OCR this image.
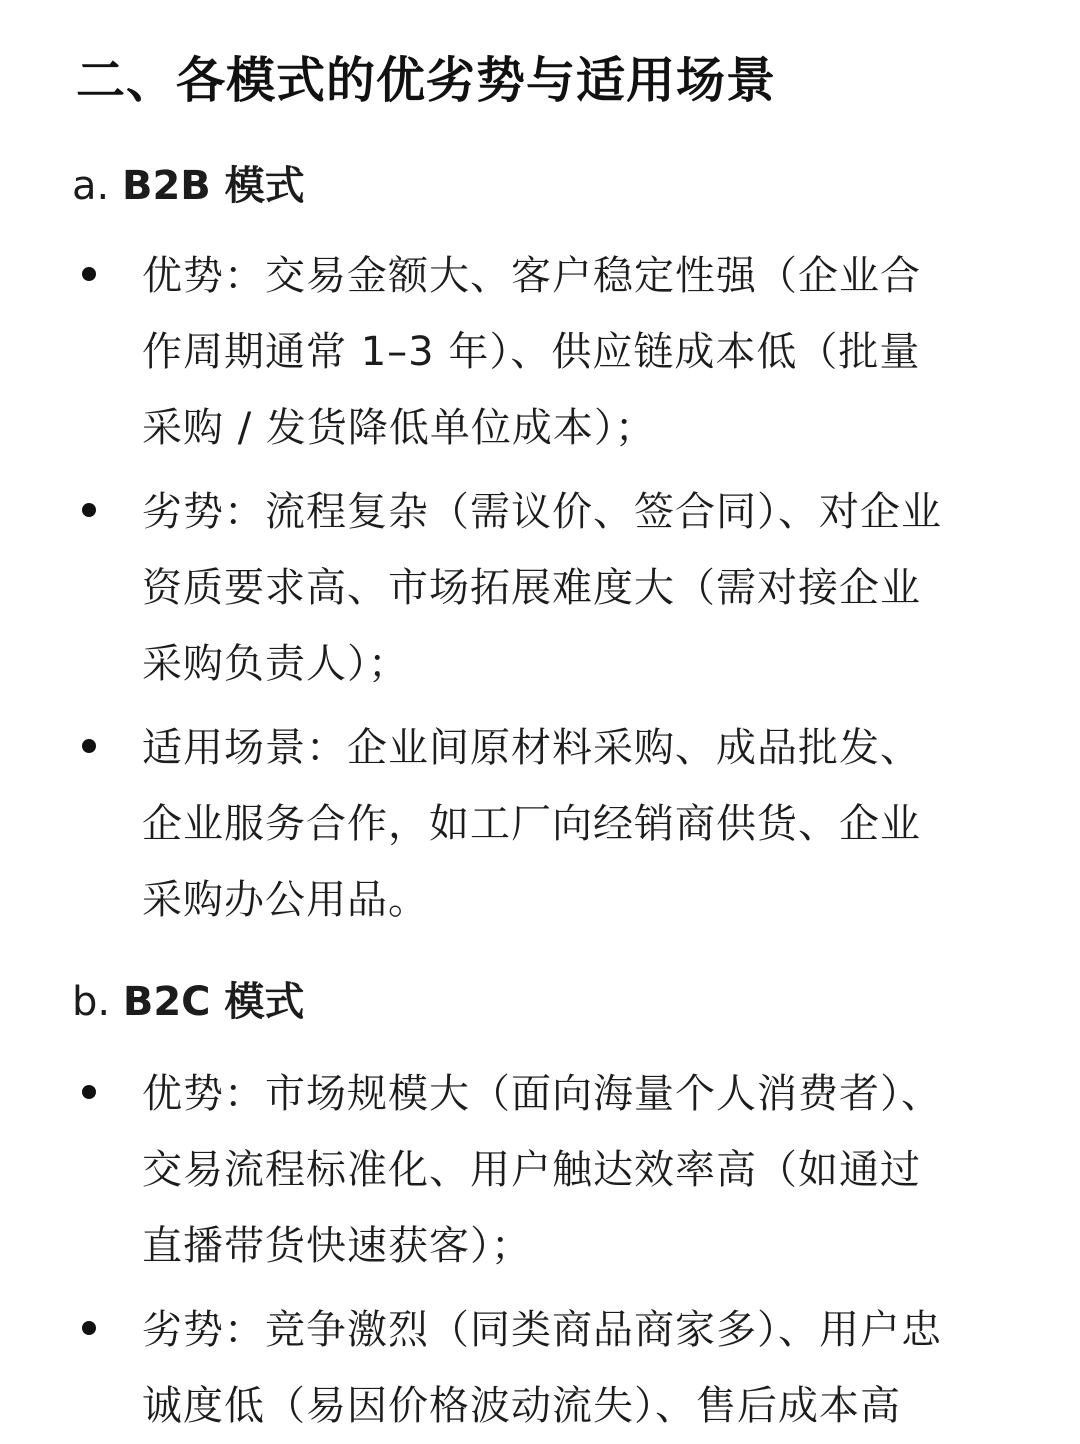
二、各模式的优劣势与适用场景
a. B2B 模式
优势：交易金额大、客户稳定性强（企业合
作周期通常 1–3 年）、供应链成本低（批量
采购 / 发货降低单位成本）；
劣势：流程复杂（需议价、签合同）、对企业
资质要求高、市场拓展难度大（需对接企业
采购负责人）；
适用场景：企业间原材料采购、成品批发、
企业服务合作，如工厂向经销商供货、企业
采购办公用品。
b. B2C 模式
优势：市场规模大（面向海量个人消费者）、
交易流程标准化、用户触达效率高（如通过
直播带货快速获客）；
劣势：竞争激烈（同类商品商家多）、用户忠
诚度低（易因价格波动流失）、售后成本高
